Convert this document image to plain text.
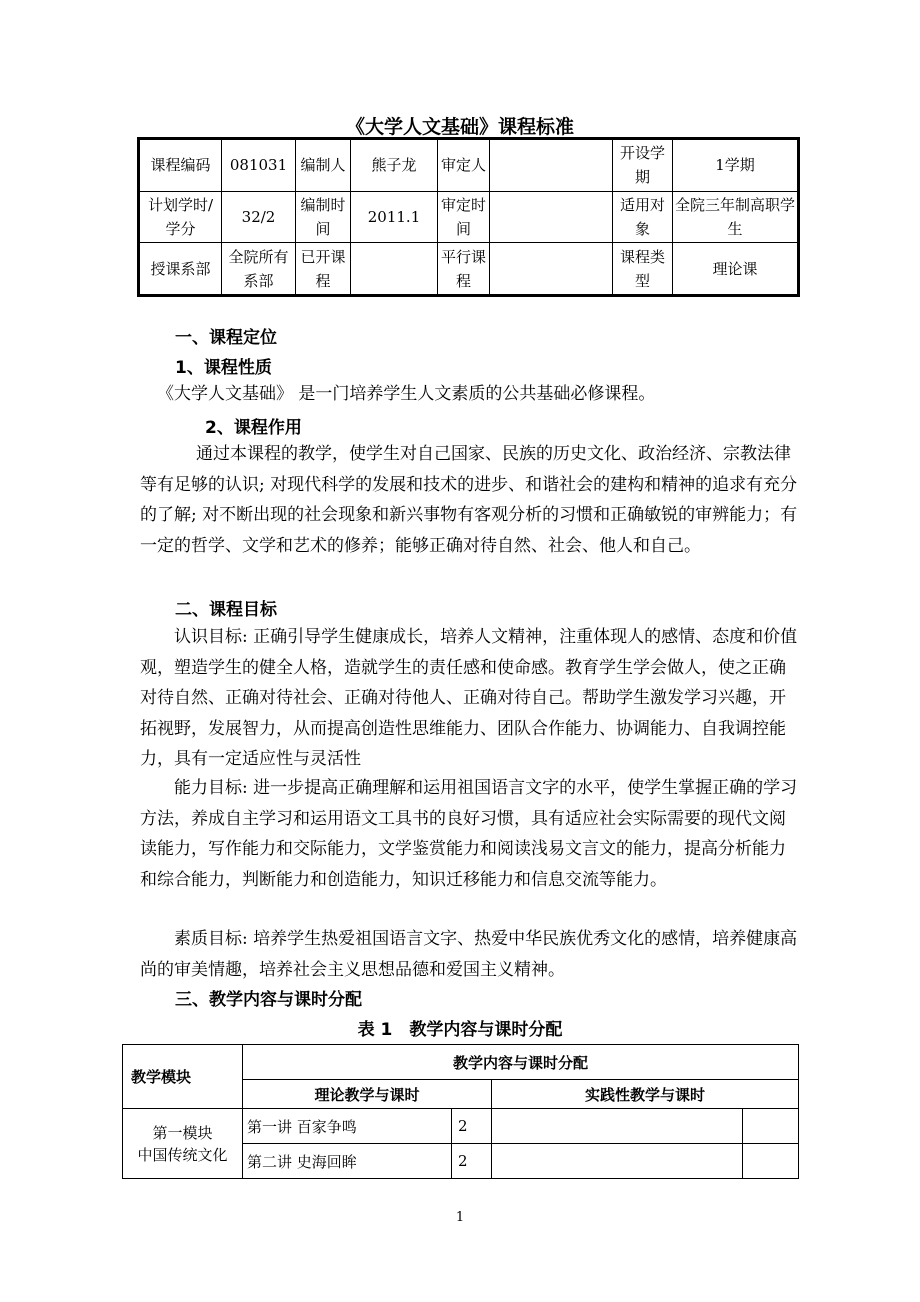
《大学人文基础》课程标准
课程编码	081031	编制人	熊子龙	审定人		开设学期	1学期
计划学时/学分	32/2	编制时间	2011.1	审定时间		适用对象	全院三年制高职学生
授课系部	全院所有系部	已开课程		平行课程		课程类型	理论课
一、课程定位
1、课程性质
《大学人文基础》 是一门培养学生人文素质的公共基础必修课程。
2、课程作用
通过本课程的教学，使学生对自己国家、民族的历史文化、政治经济、宗教法律等有足够的认识; 对现代科学的发展和技术的进步、和谐社会的建构和精神的追求有充分的了解; 对不断出现的社会现象和新兴事物有客观分析的习惯和正确敏锐的审辨能力；有一定的哲学、文学和艺术的修养；能够正确对待自然、社会、他人和自己。
二、课程目标
认识目标: 正确引导学生健康成长，培养人文精神，注重体现人的感情、态度和价值观，塑造学生的健全人格，造就学生的责任感和使命感。教育学生学会做人，使之正确对待自然、正确对待社会、正确对待他人、正确对待自己。帮助学生激发学习兴趣，开拓视野，发展智力，从而提高创造性思维能力、团队合作能力、协调能力、自我调控能力，具有一定适应性与灵活性
能力目标: 进一步提高正确理解和运用祖国语言文字的水平，使学生掌握正确的学习方法，养成自主学习和运用语文工具书的良好习惯，具有适应社会实际需要的现代文阅读能力，写作能力和交际能力，文学鉴赏能力和阅读浅易文言文的能力，提高分析能力和综合能力，判断能力和创造能力，知识迁移能力和信息交流等能力。
素质目标: 培养学生热爱祖国语言文字、热爱中华民族优秀文化的感情，培养健康高尚的审美情趣，培养社会主义思想品德和爱国主义精神。
三、教学内容与课时分配
表 1　教学内容与课时分配
教学模块	教学内容与课时分配			
	理论教学与课时		实践性教学与课时	
第一模块
中国传统文化	第一讲 百家争鸣	2		
	第二讲 史海回眸	2		
1
